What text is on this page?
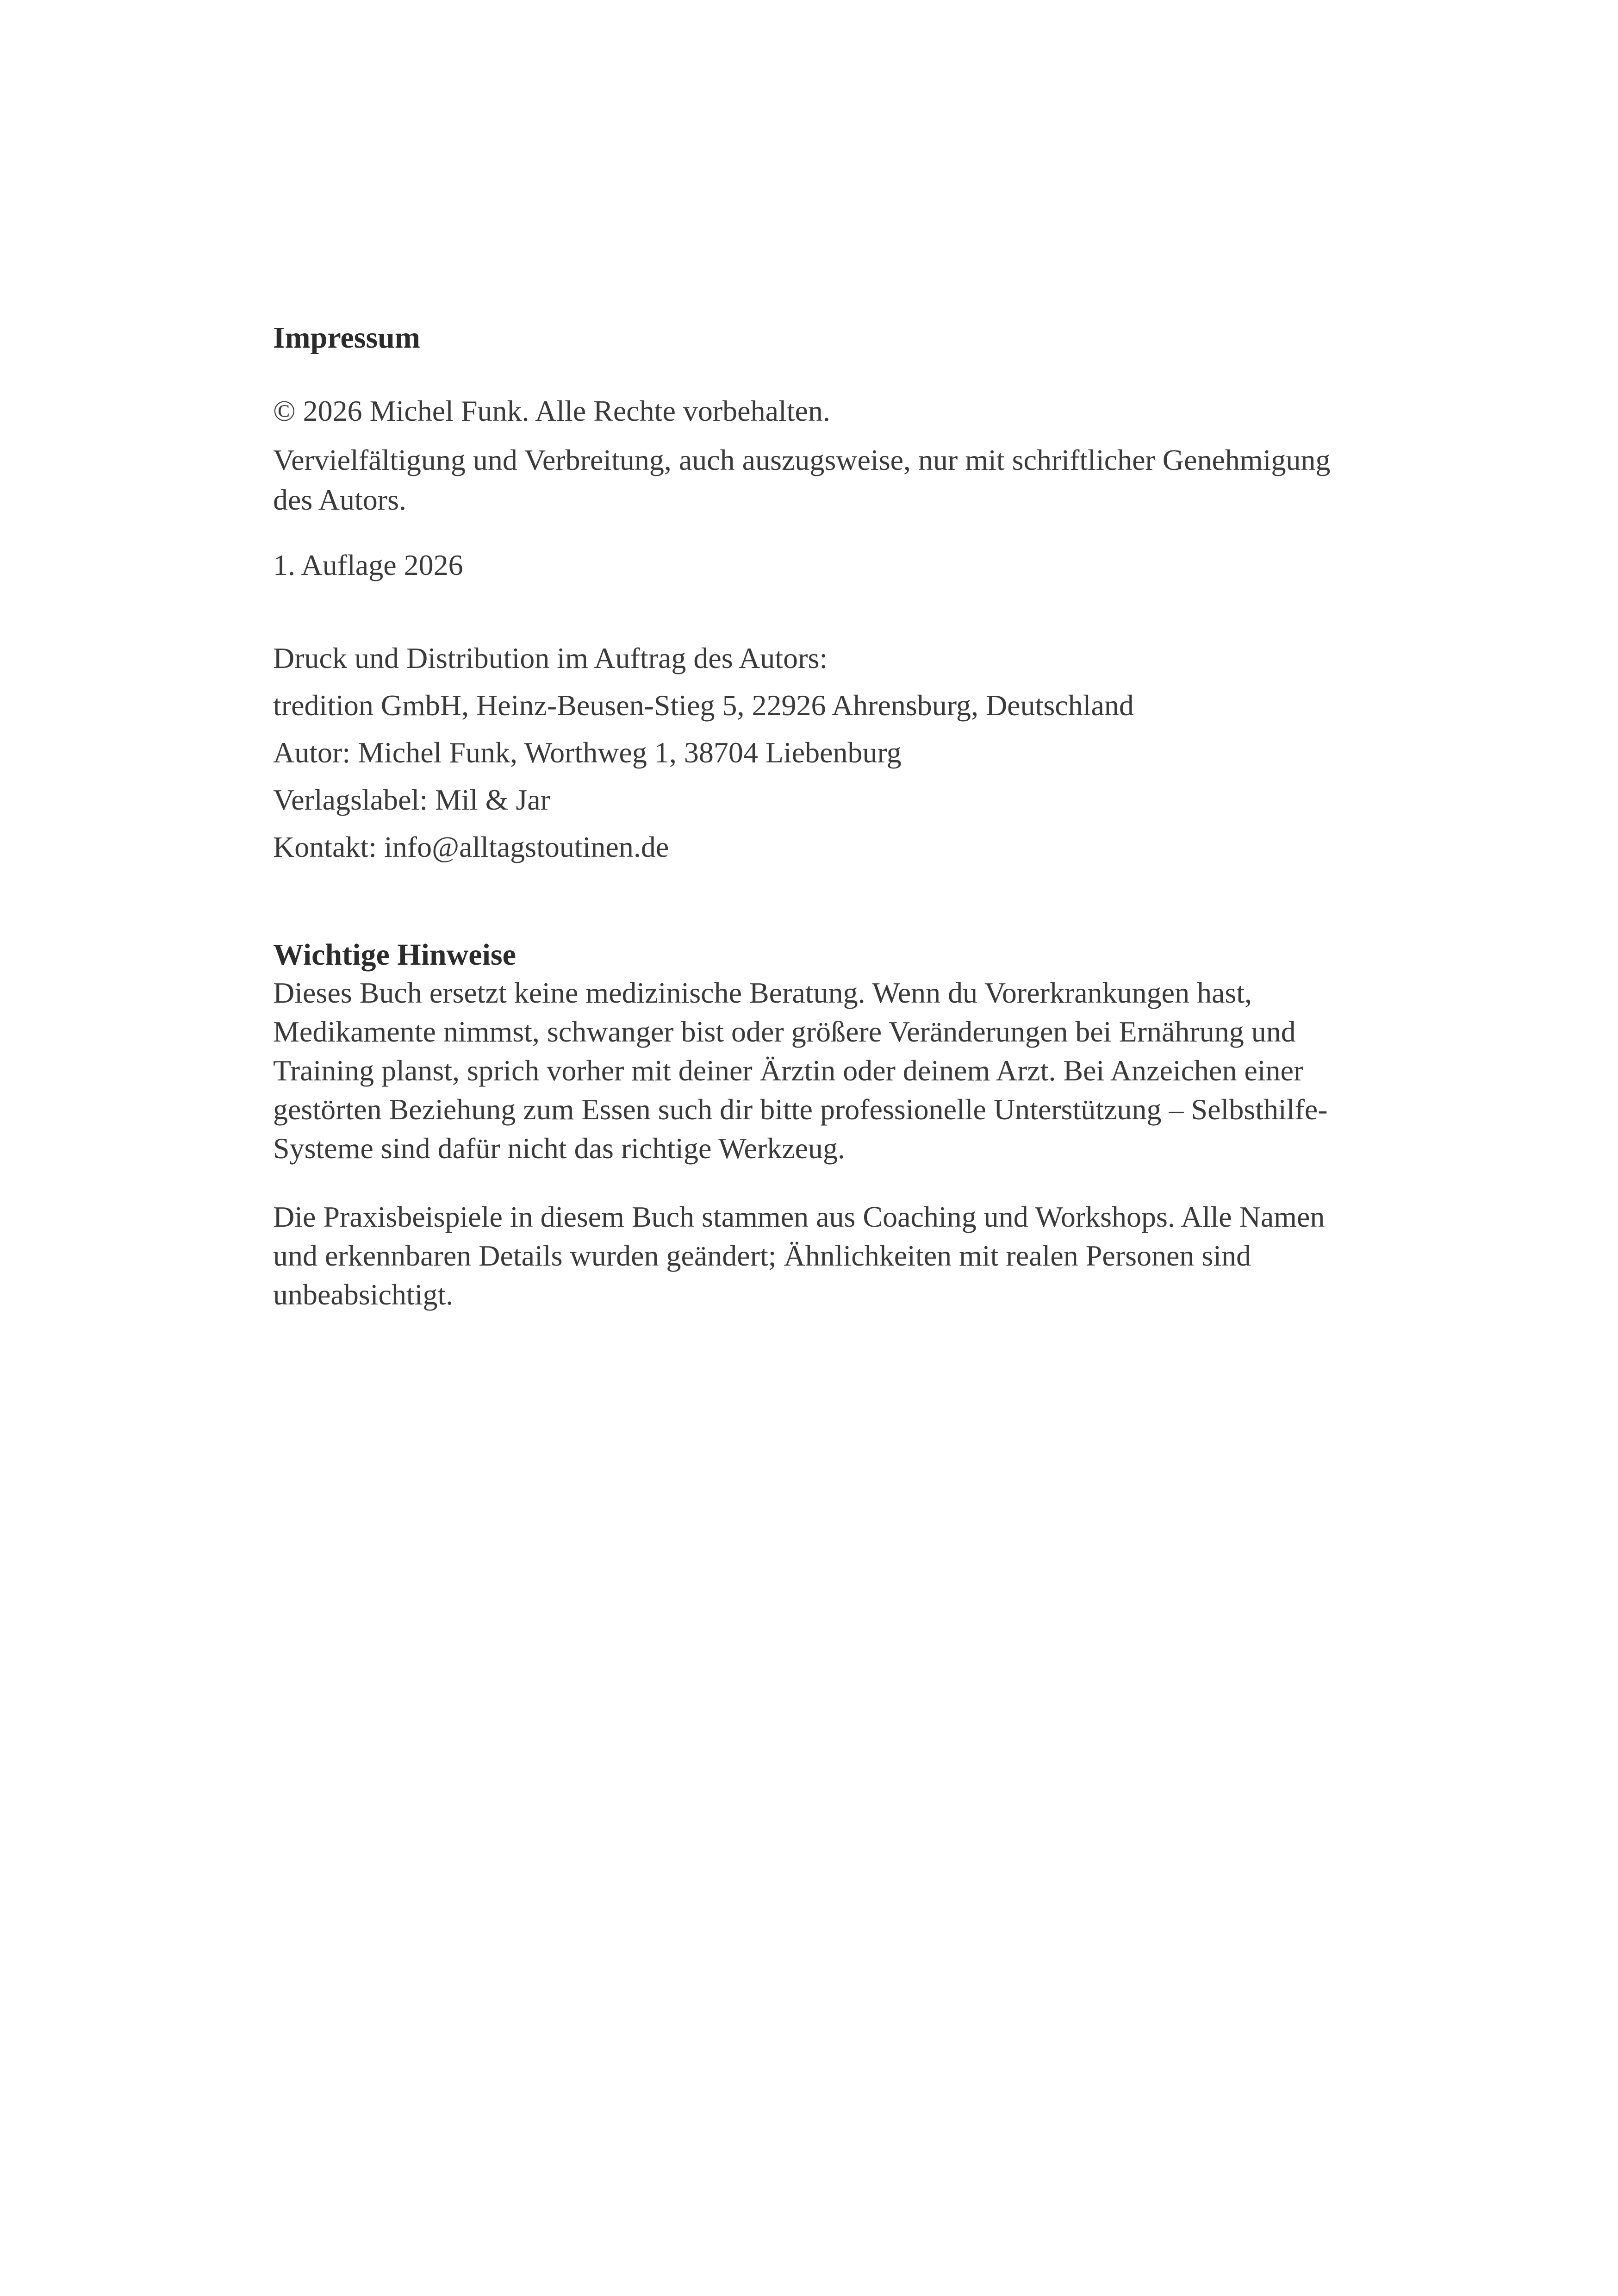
Impressum

© 2026 Michel Funk. Alle Rechte vorbehalten.

Vervielfältigung und Verbreitung, auch auszugsweise, nur mit schriftlicher Genehmigung des Autors.

1. Auflage 2026

Druck und Distribution im Auftrag des Autors:

tredition GmbH, Heinz-Beusen-Stieg 5, 22926 Ahrensburg, Deutschland

Autor: Michel Funk, Worthweg 1, 38704 Liebenburg

Verlagslabel: Mil & Jar

Kontakt: info@alltagstoutinen.de

Wichtige Hinweise

Dieses Buch ersetzt keine medizinische Beratung. Wenn du Vorerkrankungen hast, Medikamente nimmst, schwanger bist oder größere Veränderungen bei Ernährung und Training planst, sprich vorher mit deiner Ärztin oder deinem Arzt. Bei Anzeichen einer gestörten Beziehung zum Essen such dir bitte professionelle Unterstützung – Selbsthilfe-Systeme sind dafür nicht das richtige Werkzeug.

Die Praxisbeispiele in diesem Buch stammen aus Coaching und Workshops. Alle Namen und erkennbaren Details wurden geändert; Ähnlichkeiten mit realen Personen sind unbeabsichtigt.
